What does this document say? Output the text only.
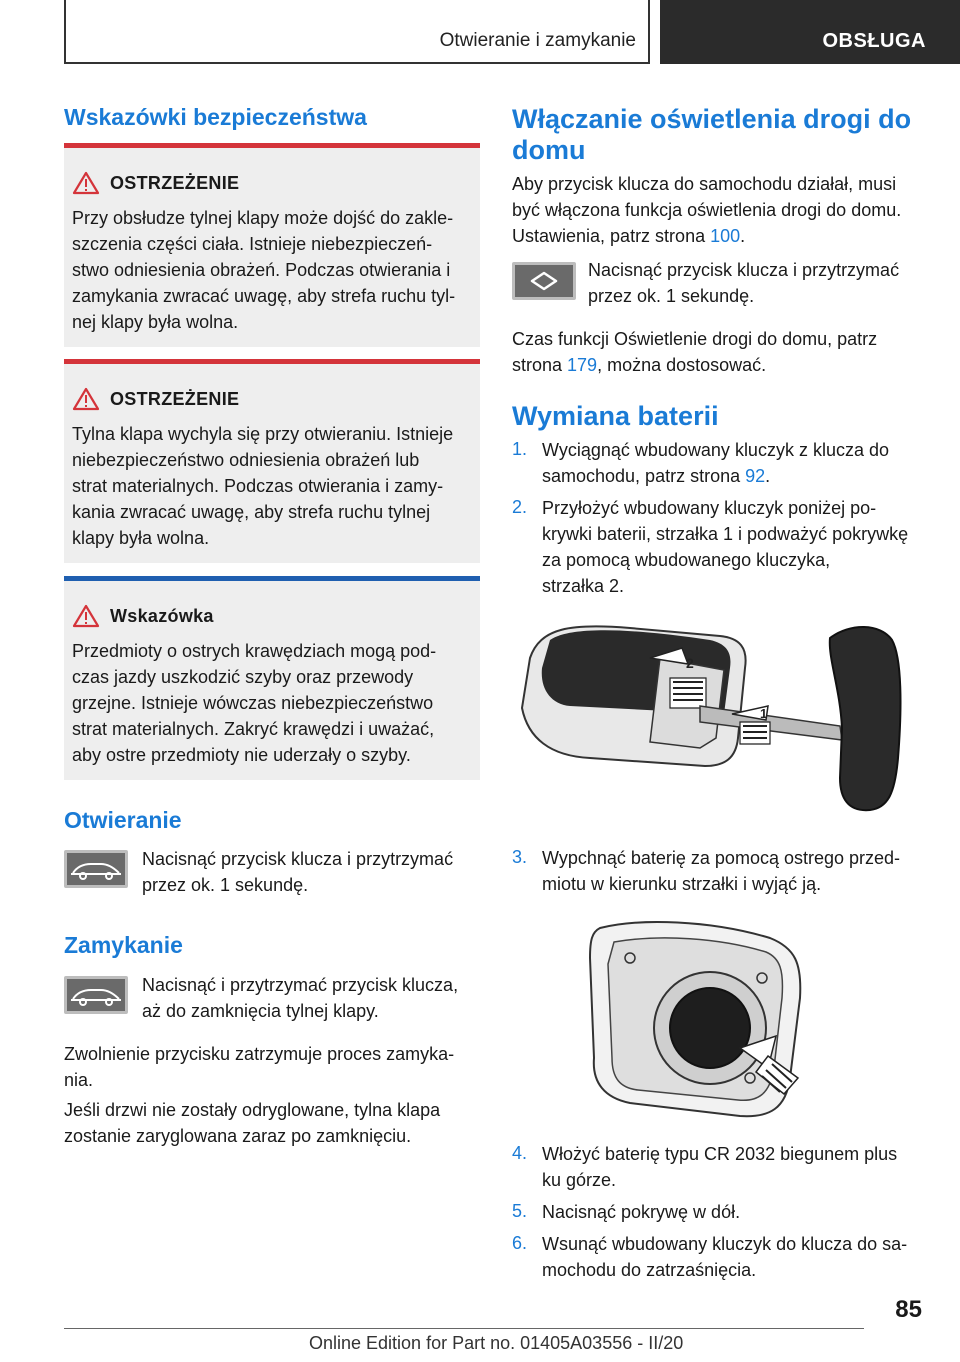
Otwieranie i zamykanie	OBSŁUGA
Wskazówki bezpieczeństwa
OSTRZEŻENIE
Przy obsłudze tylnej klapy może dojść do zakle-
szczenia części ciała. Istnieje niebezpieczeń-
stwo odniesienia obrażeń. Podczas otwierania i
zamykania zwracać uwagę, aby strefa ruchu tyl-
nej klapy była wolna.
OSTRZEŻENIE
Tylna klapa wychyla się przy otwieraniu. Istnieje
niebezpieczeństwo odniesienia obrażeń lub
strat materialnych. Podczas otwierania i zamy-
kania zwracać uwagę, aby strefa ruchu tylnej
klapy była wolna.
Wskazówka
Przedmioty o ostrych krawędziach mogą pod-
czas jazdy uszkodzić szyby oraz przewody
grzejne. Istnieje wówczas niebezpieczeństwo
strat materialnych. Zakryć krawędzi i uważać,
aby ostre przedmioty nie uderzały o szyby.
Otwieranie

Nacisnąć przycisk klucza i przytrzymać

przez ok. 1 sekundę.

Zamykanie

Nacisnąć i przytrzymać przycisk klucza,

aż do zamknięcia tylnej klapy.

Zwolnienie przycisku zatrzymuje proces zamyka-

nia.

Jeśli drzwi nie zostały odryglowane, tylna klapa

zostanie zaryglowana zaraz po zamknięciu.

Włączanie oświetlenia drogi do
domu

Aby przycisk klucza do samochodu działał, musi

być włączona funkcja oświetlenia drogi do domu.

Ustawienia, patrz strona 100.

Nacisnąć przycisk klucza i przytrzymać

przez ok. 1 sekundę.

Czas funkcji Oświetlenie drogi do domu, patrz

strona 179, można dostosować.

Wymiana baterii
1. Wyciągnąć wbudowany kluczyk z klucza do
samochodu, patrz strona 92.
2. Przyłożyć wbudowany kluczyk poniżej po-
krywki baterii, strzałka 1 i podważyć pokrywkę
za pomocą wbudowanego kluczyka,
strzałka 2.
2
1
3. Wypchnąć baterię za pomocą ostrego przed-
miotu w kierunku strzałki i wyjąć ją.
4. Włożyć baterię typu CR 2032 biegunem plus
ku górze.
5. Nacisnąć pokrywę w dół.
6. Wsunąć wbudowany kluczyk do klucza do sa-
mochodu do zatrzaśnięcia.
85
Online Edition for Part no. 01405A03556 - II/20
